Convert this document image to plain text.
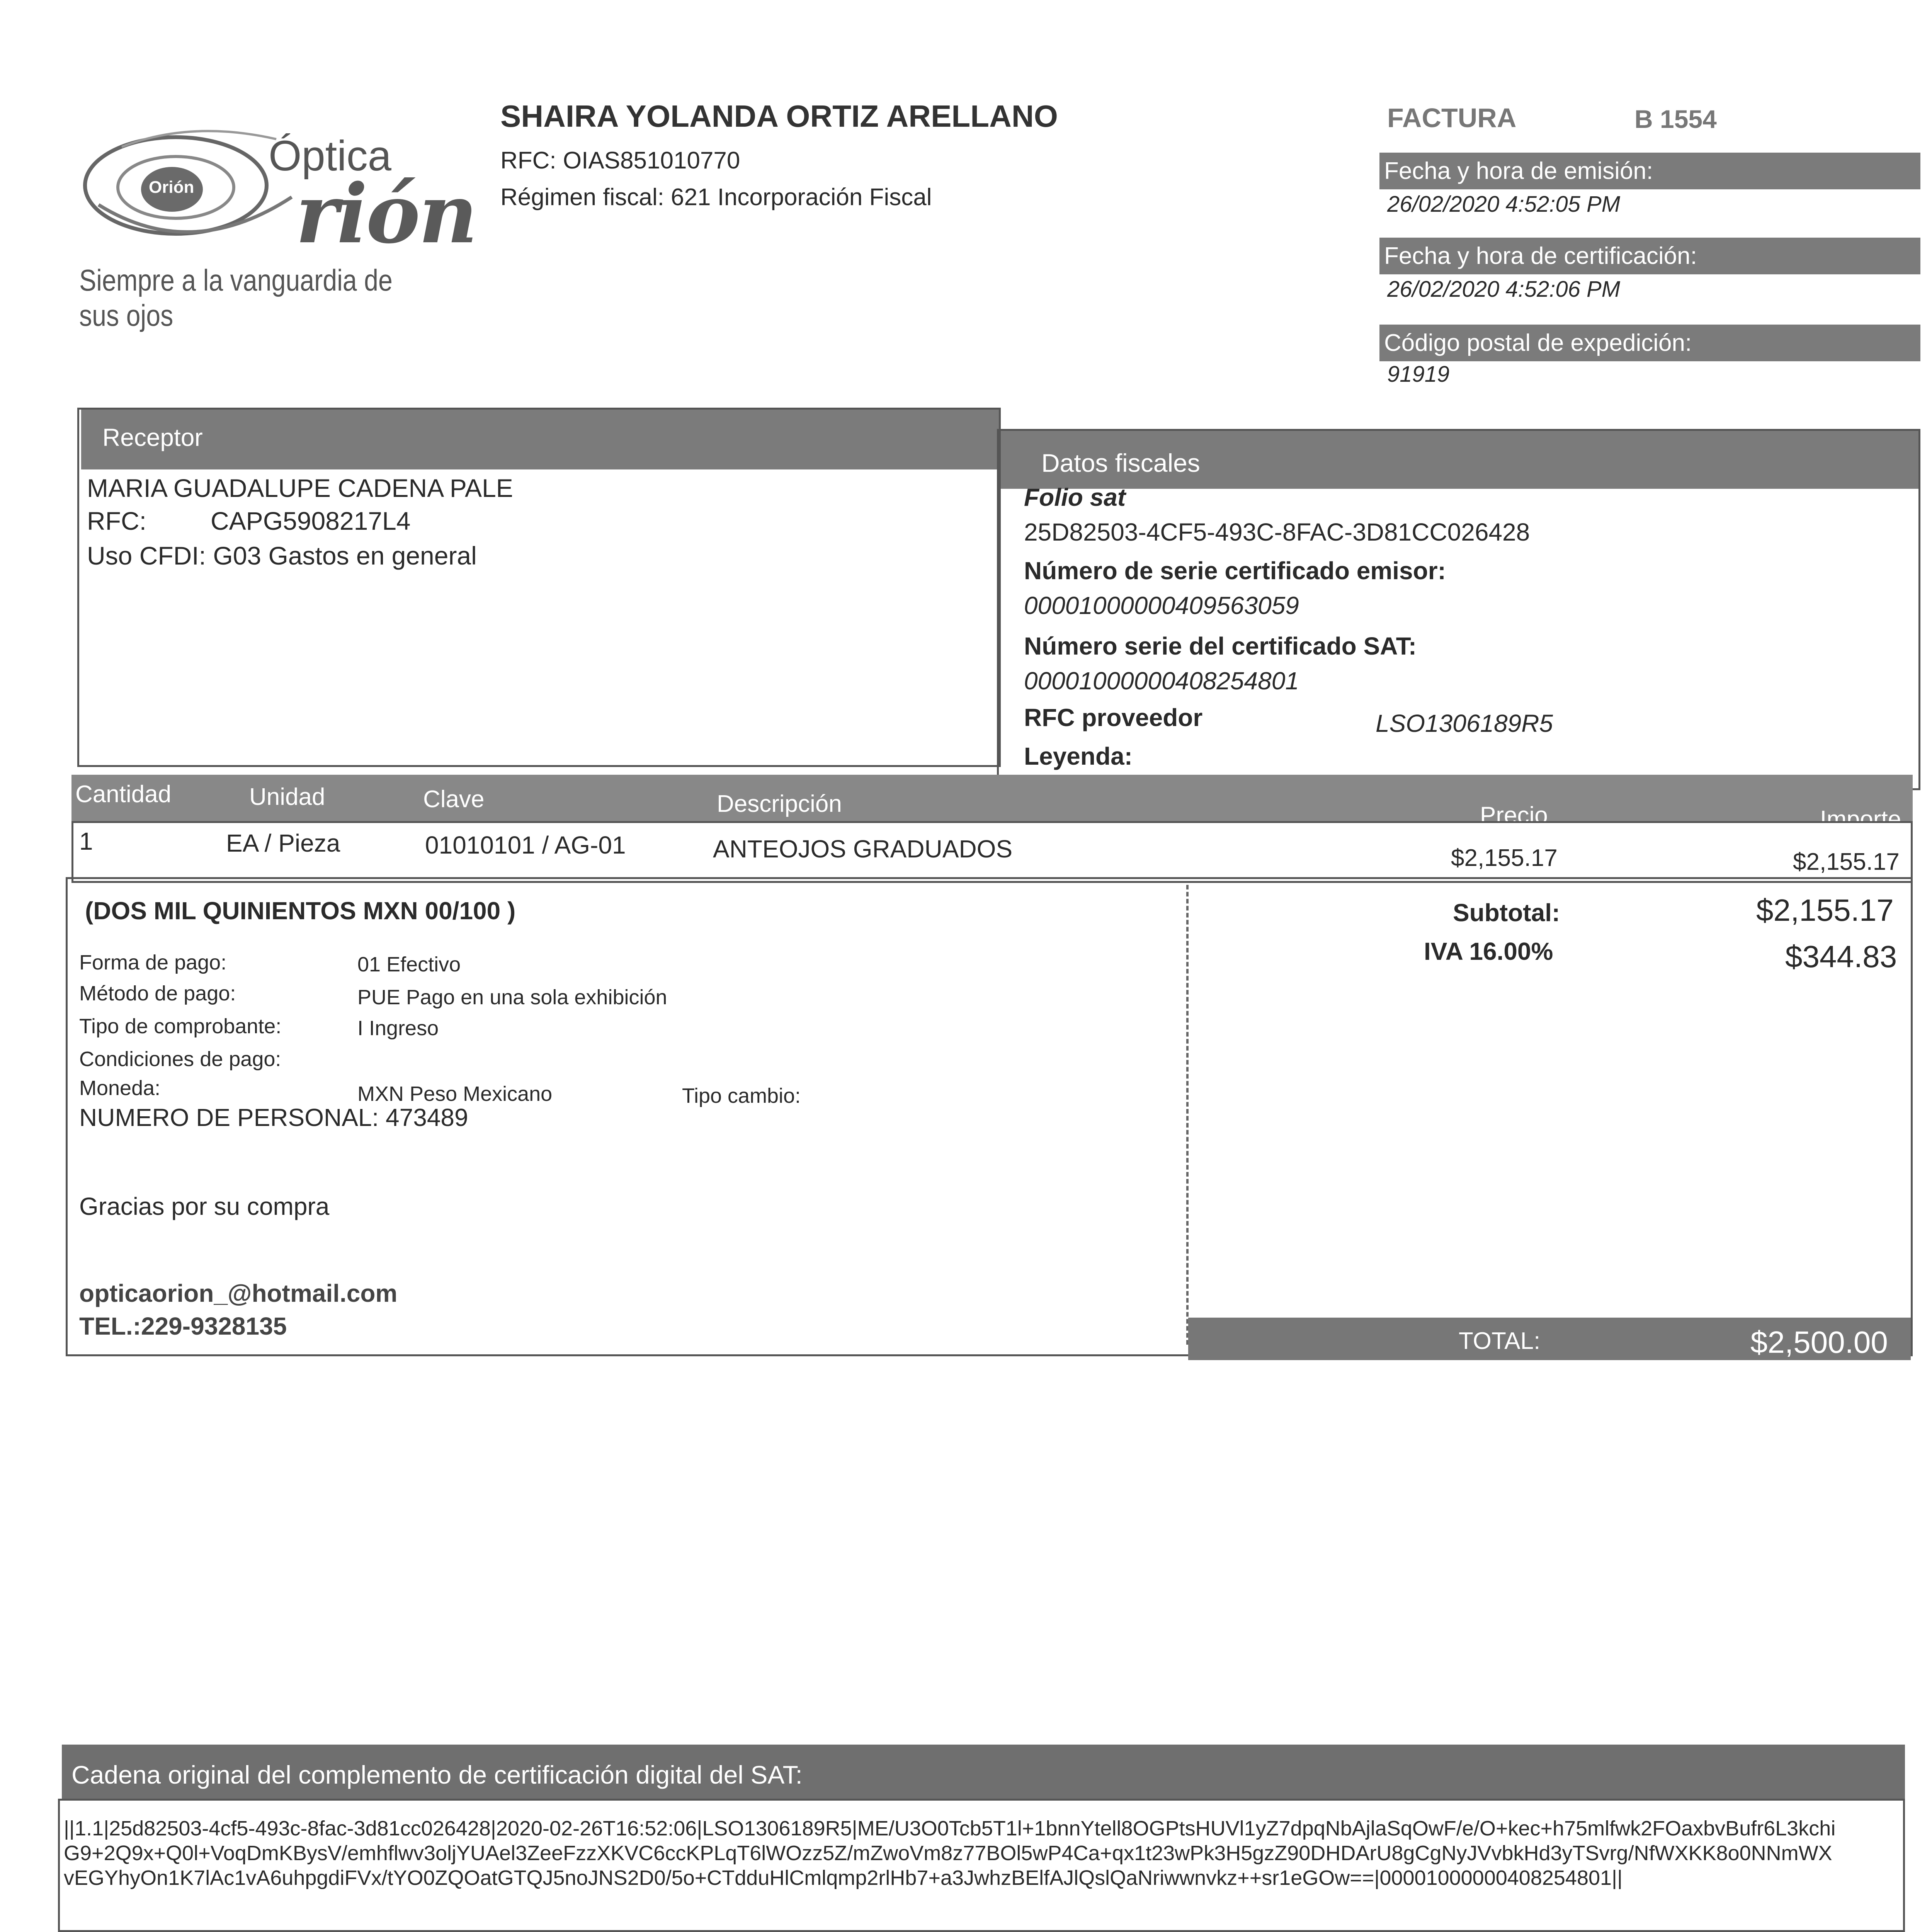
Orión
Óptica
rión
Siempre a la vanguardia de sus ojos
SHAIRA YOLANDA ORTIZ ARELLANO
RFC: OIAS851010770
Régimen fiscal: 621 Incorporación Fiscal
FACTURA	B 1554
Fecha y hora de emisión:
26/02/2020 4:52:05 PM
Fecha y hora de certificación:
26/02/2020 4:52:06 PM
Código postal de expedición:
91919
Receptor
MARIA GUADALUPE CADENA PALE
RFC:	CAPG5908217L4
Uso CFDI: G03 Gastos en general
Datos fiscales
Folio sat
25D82503-4CF5-493C-8FAC-3D81CC026428
Número de serie certificado emisor:
00001000000409563059
Número serie del certificado SAT:
00001000000408254801
RFC proveedor	LSO1306189R5
Leyenda:
Cantidad	Unidad	Clave	Descripción	Precio	Importe
1	EA / Pieza	01010101 / AG-01	ANTEOJOS GRADUADOS	$2,155.17	$2,155.17
(DOS MIL QUINIENTOS MXN 00/100 )
Forma de pago:	01 Efectivo
Método de pago:	PUE Pago en una sola exhibición
Tipo de comprobante:	I Ingreso
Condiciones de pago:
Moneda:	MXN Peso Mexicano	Tipo cambio:
NUMERO DE PERSONAL: 473489
Gracias por su compra
opticaorion_@hotmail.com
TEL.:229-9328135
Subtotal:	$2,155.17
IVA 16.00%	$344.83
TOTAL:	$2,500.00
Cadena original del complemento de certificación digital del SAT:
||1.1|25d82503-4cf5-493c-8fac-3d81cc026428|2020-02-26T16:52:06|LSO1306189R5|ME/U3O0Tcb5T1l+1bnnYtell8OGPtsHUVl1yZ7dpqNbAjlaSqOwF/e/O+kec+h75mlfwk2FOaxbvBufr6L3kchiG9+2Q9x+Q0l+VoqDmKBysV/emhflwv3oljYUAel3ZeeFzzXKVC6ccKPLqT6lWOzz5Z/mZwoVm8z77BOl5wP4Ca+qx1t23wPk3H5gzZ90DHDArU8gCgNyJVvbkHd3yTSvrg/NfWXKK8o0NNmWXvEGYhyOn1K7lAc1vA6uhpgdiFVx/tYO0ZQOatGTQJ5noJNS2D0/5o+CTdduHlCmlqmp2rlHb7+a3JwhzBElfAJlQslQaNriwwnvkz++sr1eGOw==|00001000000408254801||
